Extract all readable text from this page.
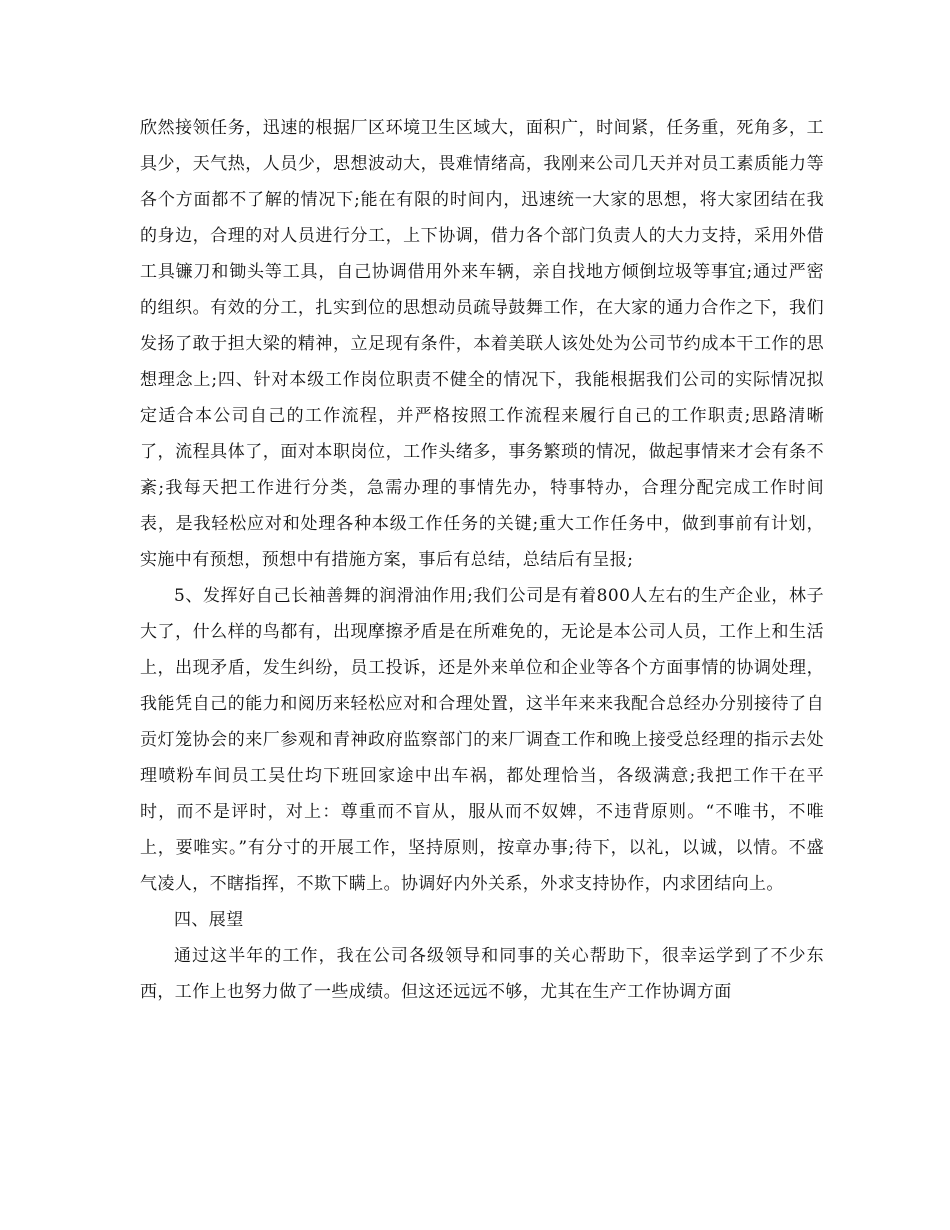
欣然接领任务，迅速的根据厂区环境卫生区域大，面积广，时间紧，任务重，死角多，工具少，天气热，人员少，思想波动大，畏难情绪高，我刚来公司几天并对员工素质能力等各个方面都不了解的情况下;能在有限的时间内，迅速统一大家的思想，将大家团结在我的身边，合理的对人员进行分工，上下协调，借力各个部门负责人的大力支持，采用外借工具镰刀和锄头等工具，自己协调借用外来车辆，亲自找地方倾倒垃圾等事宜;通过严密的组织。有效的分工，扎实到位的思想动员疏导鼓舞工作，在大家的通力合作之下，我们发扬了敢于担大梁的精神，立足现有条件，本着美联人该处处为公司节约成本干工作的思想理念上;四、针对本级工作岗位职责不健全的情况下，我能根据我们公司的实际情况拟定适合本公司自己的工作流程，并严格按照工作流程来履行自己的工作职责;思路清晰了，流程具体了，面对本职岗位，工作头绪多，事务繁琐的情况，做起事情来才会有条不紊;我每天把工作进行分类，急需办理的事情先办，特事特办，合理分配完成工作时间表，是我轻松应对和处理各种本级工作任务的关键;重大工作任务中，做到事前有计划，实施中有预想，预想中有措施方案，事后有总结，总结后有呈报;

5、发挥好自己长袖善舞的润滑油作用;我们公司是有着800人左右的生产企业，林子大了，什么样的鸟都有，出现摩擦矛盾是在所难免的，无论是本公司人员，工作上和生活上，出现矛盾，发生纠纷，员工投诉，还是外来单位和企业等各个方面事情的协调处理，我能凭自己的能力和阅历来轻松应对和合理处置，这半年来来我配合总经办分别接待了自贡灯笼协会的来厂参观和青神政府监察部门的来厂调查工作和晚上接受总经理的指示去处理喷粉车间员工吴仕均下班回家途中出车祸，都处理恰当，各级满意;我把工作干在平时，而不是评时，对上：尊重而不盲从，服从而不奴婢，不违背原则。“不唯书，不唯上，要唯实。”有分寸的开展工作，坚持原则，按章办事;待下，以礼，以诚，以情。不盛气凌人，不瞎指挥，不欺下瞒上。协调好内外关系，外求支持协作，内求团结向上。

四、展望

通过这半年的工作，我在公司各级领导和同事的关心帮助下，很幸运学到了不少东西，工作上也努力做了一些成绩。但这还远远不够，尤其在生产工作协调方面
